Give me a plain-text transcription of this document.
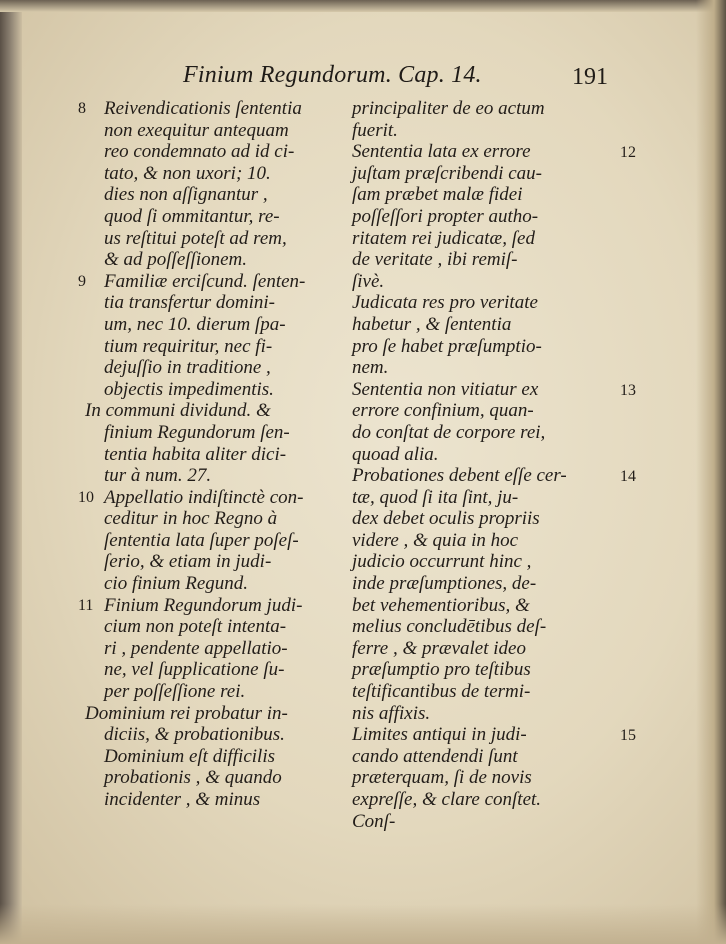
Finium Regundorum. Cap. 14.	191
8 Reivendicationis ſententia
non exequitur antequam
reo condemnato ad id ci-
tato, & non uxori; 10.
dies non aſſignantur ,
quod ſi ommitantur, re-
us reſtitui poteſt ad rem,
& ad poſſeſſionem.
9 Familiæ erciſcund. ſenten-
tia transfertur domini-
um, nec 10. dierum ſpa-
tium requiritur, nec fi-
dejuſſio in traditione ,
objectis impedimentis.
In communi dividund. &
finium Regundorum ſen-
tentia habita aliter dici-
tur à num. 27.
10 Appellatio indiſtinctè con-
ceditur in hoc Regno à
ſententia lata ſuper poſeſ-
ſerio, & etiam in judi-
cio finium Regund.
11 Finium Regundorum judi-
cium non poteſt intenta-
ri , pendente appellatio-
ne, vel ſupplicatione ſu-
per poſſeſſione rei.
Dominium rei probatur in-
diciis, & probationibus.
Dominium eſt difficilis
probationis , & quando
incidenter , & minus
principaliter de eo actum
fuerit.
Sententia lata ex errore
juſtam præſcribendi cau-
ſam præbet malæ fidei
poſſeſſori propter autho-
ritatem rei judicatæ, ſed
de veritate , ibi remiſ-
ſivè.
Judicata res pro veritate
habetur , & ſententia
pro ſe habet præſumptio-
nem.
Sententia non vitiatur ex
errore confinium, quan-
do conſtat de corpore rei,
quoad alia.
Probationes debent eſſe cer-
tæ, quod ſi ita ſint, ju-
dex debet oculis propriis
videre , & quia in hoc
judicio occurrunt hinc ,
inde præſumptiones, de-
bet vehementioribus, &
melius concludētibus deſ-
ferre , & prævalet ideo
præſumptio pro teſtibus
teſtificantibus de termi-
nis affixis.
Limites antiqui in judi-
cando attendendi ſunt
præterquam, ſi de novis
expreſſe, & clare conſtet.
Conſ-
12
13
14
15
